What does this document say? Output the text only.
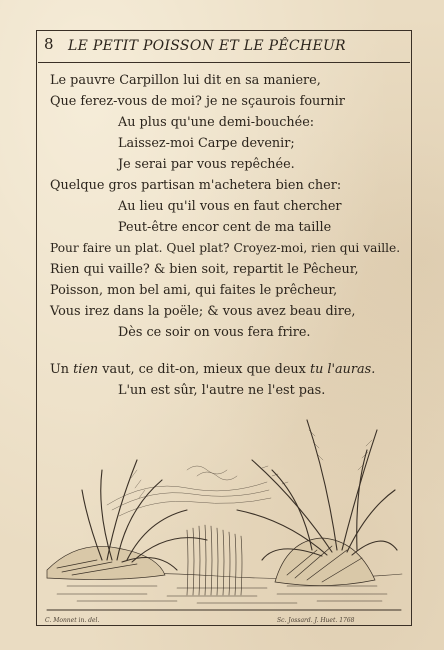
8 LE PETIT POISSON ET LE PÊCHEUR
Le pauvre Carpillon lui dit en sa maniere,
Que ferez-vous de moi? je ne sçaurois fournir
Au plus qu'une demi-bouchée:
Laissez-moi Carpe devenir;
Je serai par vous repêchée.
Quelque gros partisan m'achetera bien cher:
Au lieu qu'il vous en faut chercher
Peut-être encor cent de ma taille
Pour faire un plat. Quel plat? Croyez-moi, rien qui vaille.
Rien qui vaille? & bien soit, repartit le Pêcheur,
Poisson, mon bel ami, qui faites le prêcheur,
Vous irez dans la poële; & vous avez beau dire,
Dès ce soir on vous fera frire.
Un tien vaut, ce dit-on, mieux que deux tu l'auras.
L'un est sûr, l'autre ne l'est pas.
C. Monnet in. del.	Sc. Jossard. J. Huet. 1768
